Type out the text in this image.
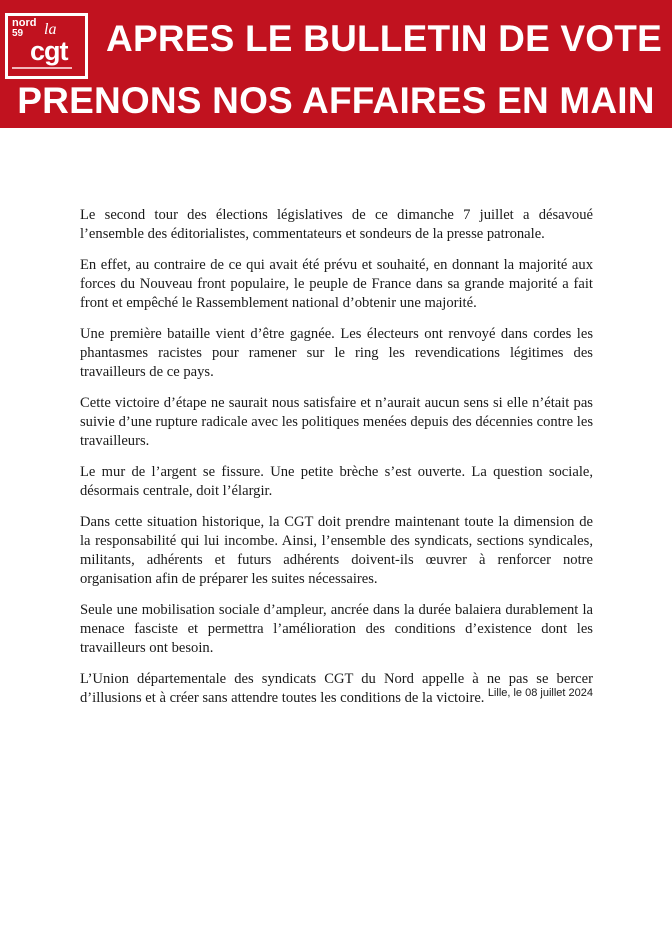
nord
59 la
cgt APRES LE BULLETIN DE VOTE
PRENONS NOS AFFAIRES EN MAIN

Le second tour des élections législatives de ce dimanche 7 juillet a désavoué l’ensemble des éditorialistes, commentateurs et sondeurs de la presse patronale.

En effet, au contraire de ce qui avait été prévu et souhaité, en donnant la majorité aux forces du Nouveau front populaire, le peuple de France dans sa grande majorité a fait front et empêché le Rassemblement national d’obtenir une majorité.

Une première bataille vient d’être gagnée. Les électeurs ont renvoyé dans cordes les phantasmes racistes pour ramener sur le ring les revendications légitimes des travailleurs de ce pays.

Cette victoire d’étape ne saurait nous satisfaire et n’aurait aucun sens si elle n’était pas suivie d’une rupture radicale avec les politiques menées depuis des décennies contre les travailleurs.

Le mur de l’argent se fissure. Une petite brèche s’est ouverte. La question sociale, désormais centrale, doit l’élargir.

Dans cette situation historique, la CGT doit prendre maintenant toute la dimension de la responsabilité qui lui incombe. Ainsi, l’ensemble des syndicats, sections syndicales, militants, adhérents et futurs adhérents doivent-ils œuvrer à renforcer notre organisation afin de préparer les suites nécessaires.

Seule une mobilisation sociale d’ampleur, ancrée dans la durée balaiera durablement la menace fasciste et permettra l’amélioration des conditions d’existence dont les travailleurs ont besoin.

L’Union départementale des syndicats CGT du Nord appelle à ne pas se bercer d’illusions et à créer sans attendre toutes les conditions de la victoire. Lille, le 08 juillet 2024
